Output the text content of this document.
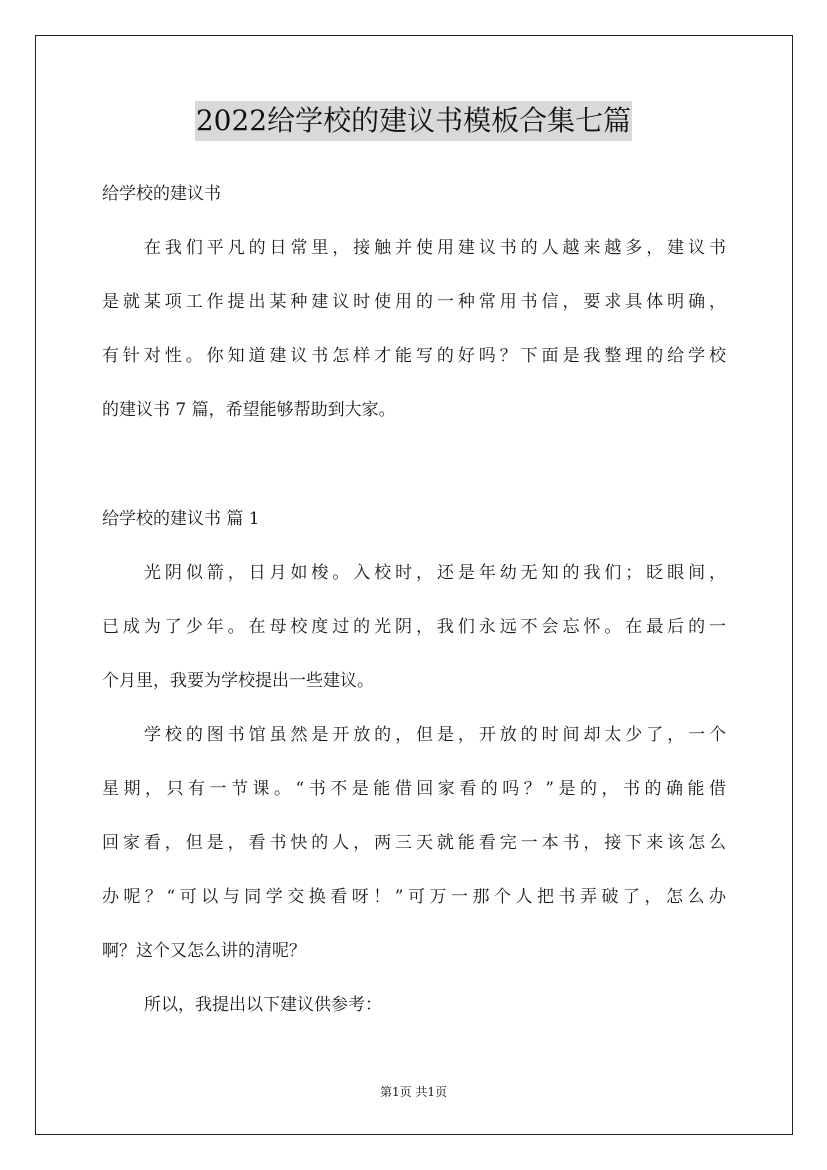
2022给学校的建议书模板合集七篇
给学校的建议书
在我们平凡的日常里，接触并使用建议书的人越来越多，建议书
是就某项工作提出某种建议时使用的一种常用书信，要求具体明确，
有针对性。你知道建议书怎样才能写的好吗？下面是我整理的给学校
的建议书 7 篇，希望能够帮助到大家。
给学校的建议书 篇 1
光阴似箭，日月如梭。入校时，还是年幼无知的我们；眨眼间，
已成为了少年。在母校度过的光阴，我们永远不会忘怀。在最后的一
个月里，我要为学校提出一些建议。
学校的图书馆虽然是开放的，但是，开放的时间却太少了，一个
星期，只有一节课。“书不是能借回家看的吗？”是的，书的确能借
回家看，但是，看书快的人，两三天就能看完一本书，接下来该怎么
办呢？“可以与同学交换看呀！”可万一那个人把书弄破了，怎么办
啊？这个又怎么讲的清呢？
所以，我提出以下建议供参考：
第1页 共1页
